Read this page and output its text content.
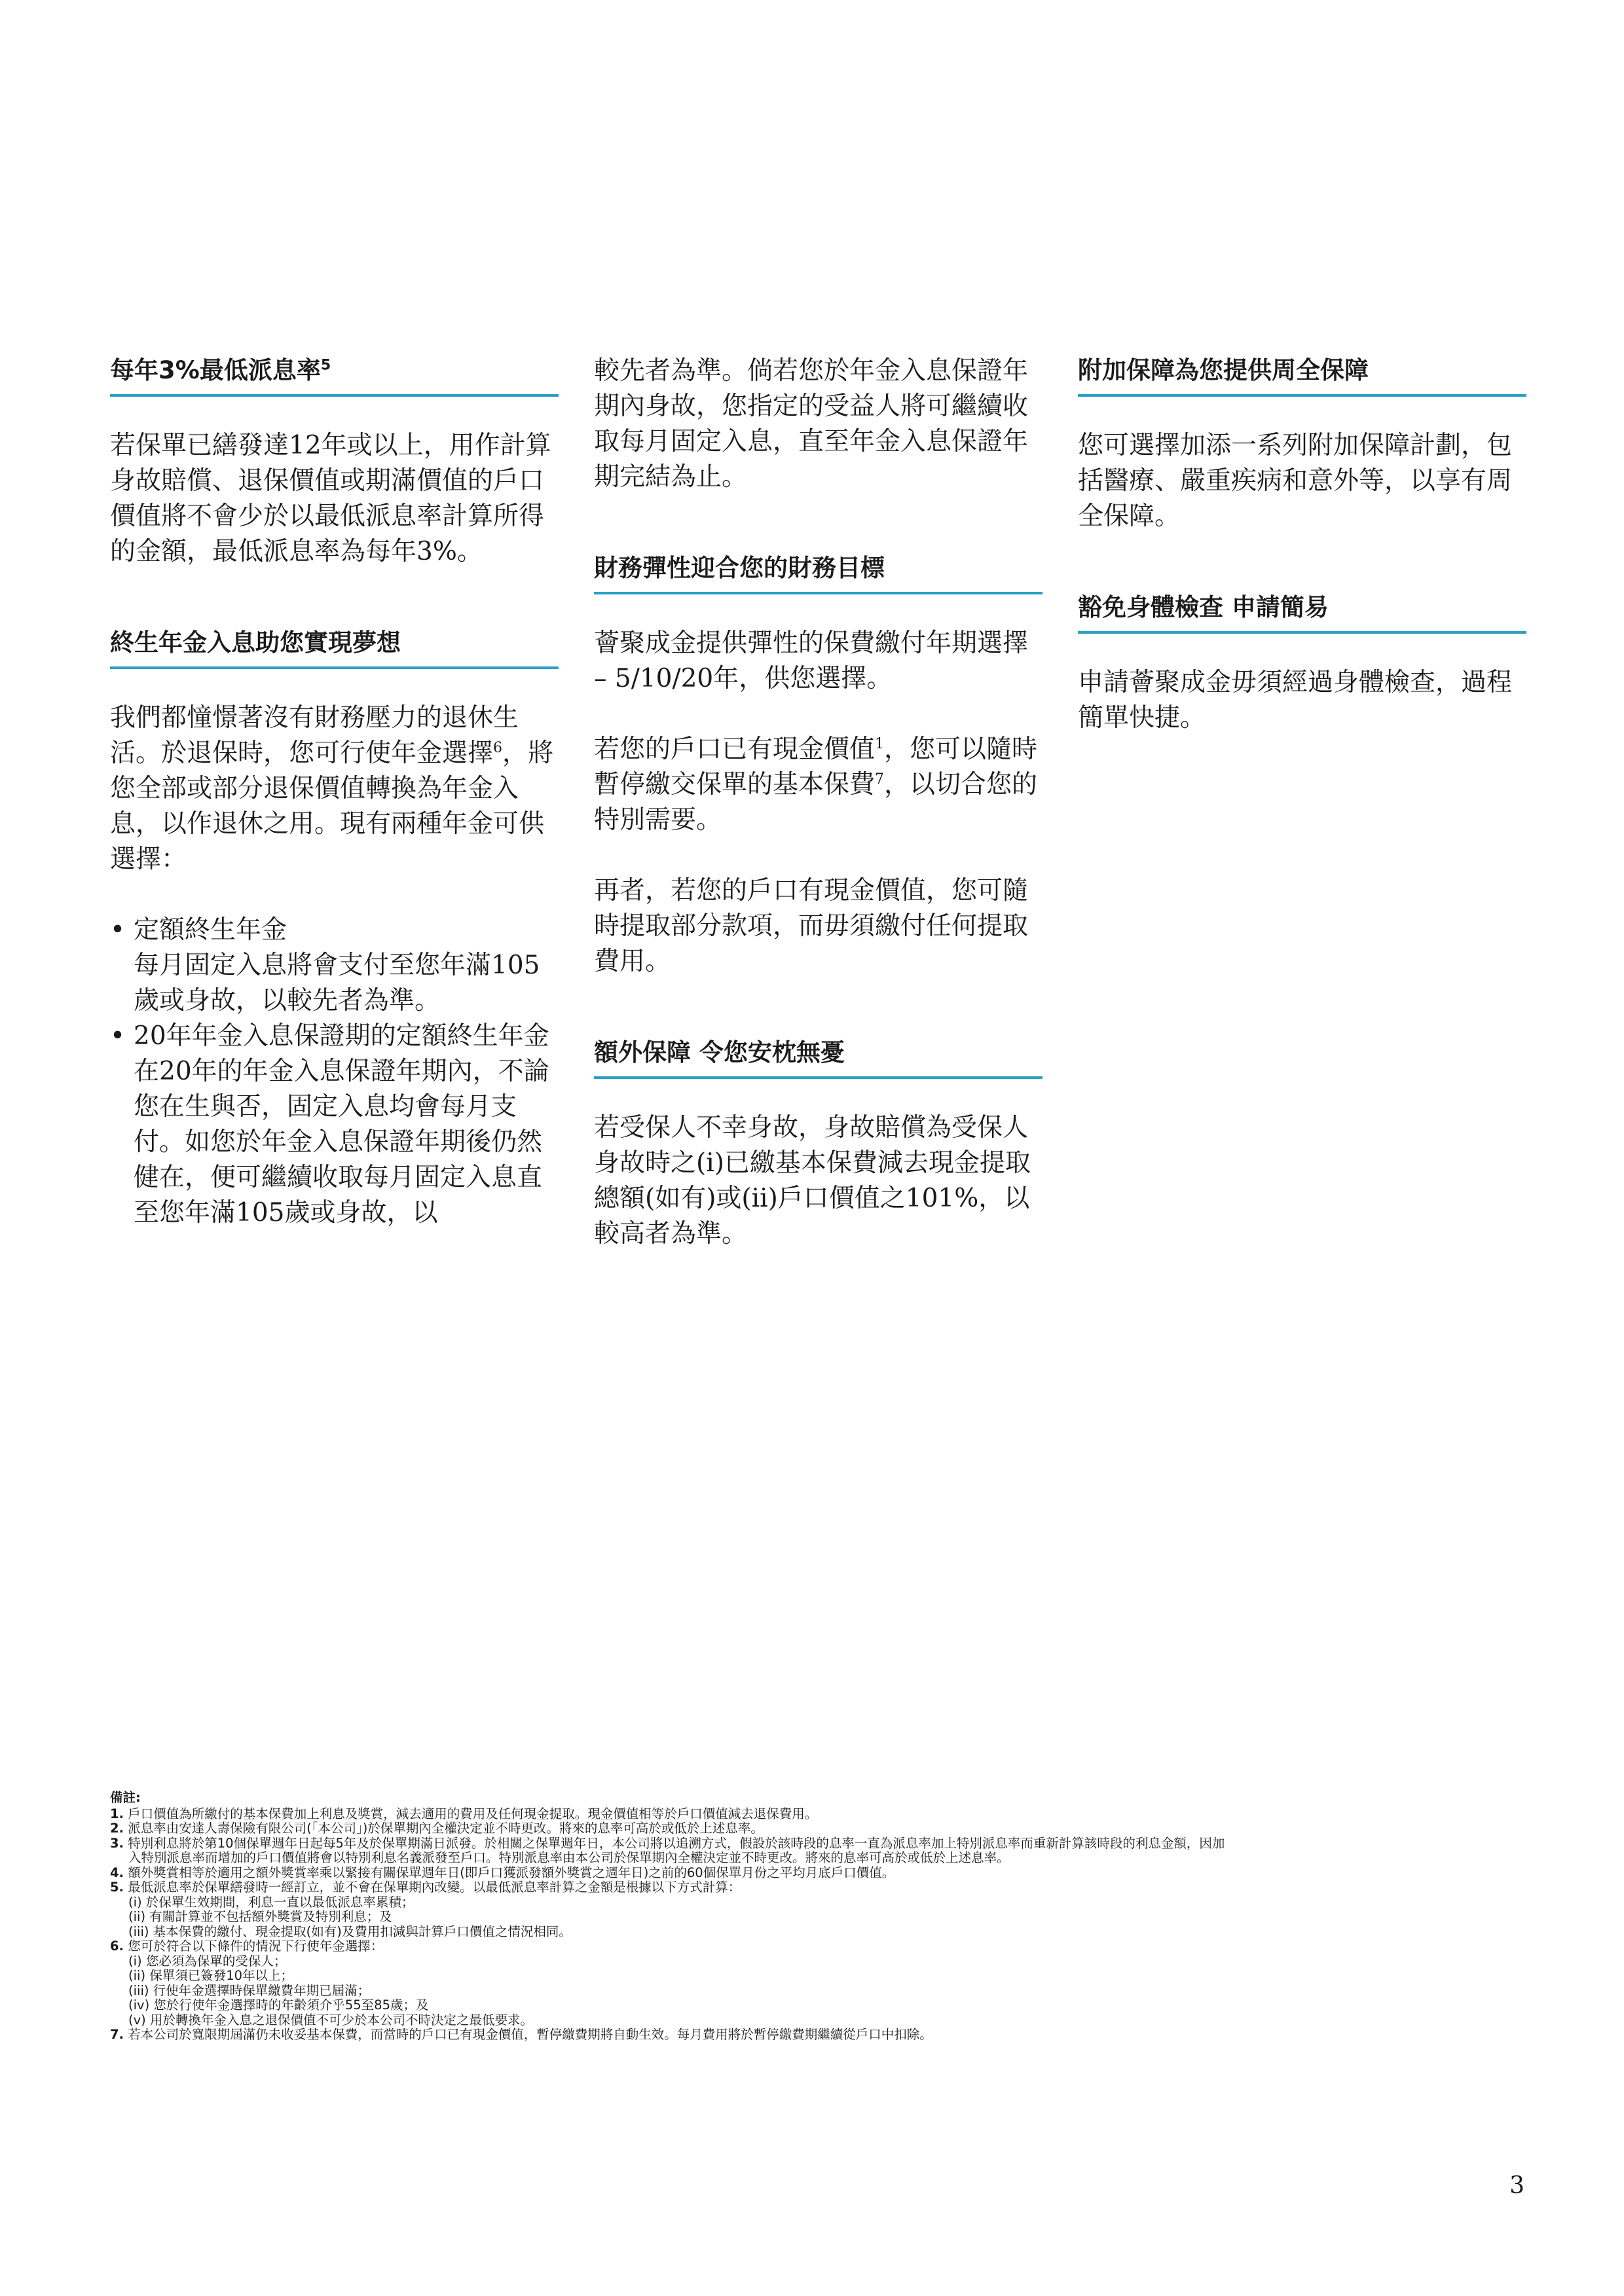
每年3%最低派息率$^5$

若保單已繕發達12年或以上，用作計算身故賠償、退保價值或期滿價值的戶口價值將不會少於以最低派息率計算所得的金額，最低派息率為每年3%。

終生年金入息助您實現夢想

我們都憧憬著沒有財務壓力的退休生活。於退保時，您可行使年金選擇$^6$，將您全部或部分退保價值轉換為年金入息，以作退休之用。現有兩種年金可供選擇：

• 定額終生年金
每月固定入息將會支付至您年滿105歲或身故，以較先者為準。
• 20年年金入息保證期的定額終生年金
在20年的年金入息保證年期內，不論您在生與否，固定入息均會每月支付。如您於年金入息保證年期後仍然健在，便可繼續收取每月固定入息直至您年滿105歲或身故，以

較先者為準。倘若您於年金入息保證年期內身故，您指定的受益人將可繼續收取每月固定入息，直至年金入息保證年期完結為止。

財務彈性迎合您的財務目標

薈聚成金提供彈性的保費繳付年期選擇 – 5/10/20年，供您選擇。

若您的戶口已有現金價值$^1$，您可以隨時暫停繳交保單的基本保費$^7$，以切合您的特別需要。

再者，若您的戶口有現金價值，您可隨時提取部分款項，而毋須繳付任何提取費用。

額外保障 令您安枕無憂

若受保人不幸身故，身故賠償為受保人身故時之(i)已繳基本保費減去現金提取總額(如有)或(ii)戶口價值之101%，以較高者為準。

附加保障為您提供周全保障

您可選擇加添一系列附加保障計劃，包括醫療、嚴重疾病和意外等，以享有周全保障。

豁免身體檢查 申請簡易

申請薈聚成金毋須經過身體檢查，過程簡單快捷。

備註:
1. 戶口價值為所繳付的基本保費加上利息及獎賞，減去適用的費用及任何現金提取。現金價值相等於戶口價值減去退保費用。
2. 派息率由安達人壽保險有限公司(「本公司」)於保單期內全權決定並不時更改。將來的息率可高於或低於上述息率。
3. 特別利息將於第10個保單週年日起每5年及於保單期滿日派發。於相關之保單週年日，本公司將以追溯方式，假設於該時段的息率一直為派息率加上特別派息率而重新計算該時段的利息金額，因加
入特別派息率而增加的戶口價值將會以特別利息名義派發至戶口。特別派息率由本公司於保單期內全權決定並不時更改。將來的息率可高於或低於上述息率。
4. 額外獎賞相等於適用之額外獎賞率乘以緊接有關保單週年日(即戶口獲派發額外獎賞之週年日)之前的60個保單月份之平均月底戶口價值。
5. 最低派息率於保單繕發時一經訂立，並不會在保單期內改變。以最低派息率計算之金額是根據以下方式計算：
(i) 於保單生效期間，利息一直以最低派息率累積；
(ii) 有關計算並不包括額外獎賞及特別利息；及
(iii) 基本保費的繳付、現金提取(如有)及費用扣減與計算戶口價值之情況相同。
6. 您可於符合以下條件的情況下行使年金選擇：
(i) 您必須為保單的受保人；
(ii) 保單須已簽發10年以上；
(iii) 行使年金選擇時保單繳費年期已屆滿；
(iv) 您於行使年金選擇時的年齡須介乎55至85歲；及
(v) 用於轉換年金入息之退保價值不可少於本公司不時決定之最低要求。
7. 若本公司於寬限期屆滿仍未收妥基本保費，而當時的戶口已有現金價值，暫停繳費期將自動生效。每月費用將於暫停繳費期繼續從戶口中扣除。
3
